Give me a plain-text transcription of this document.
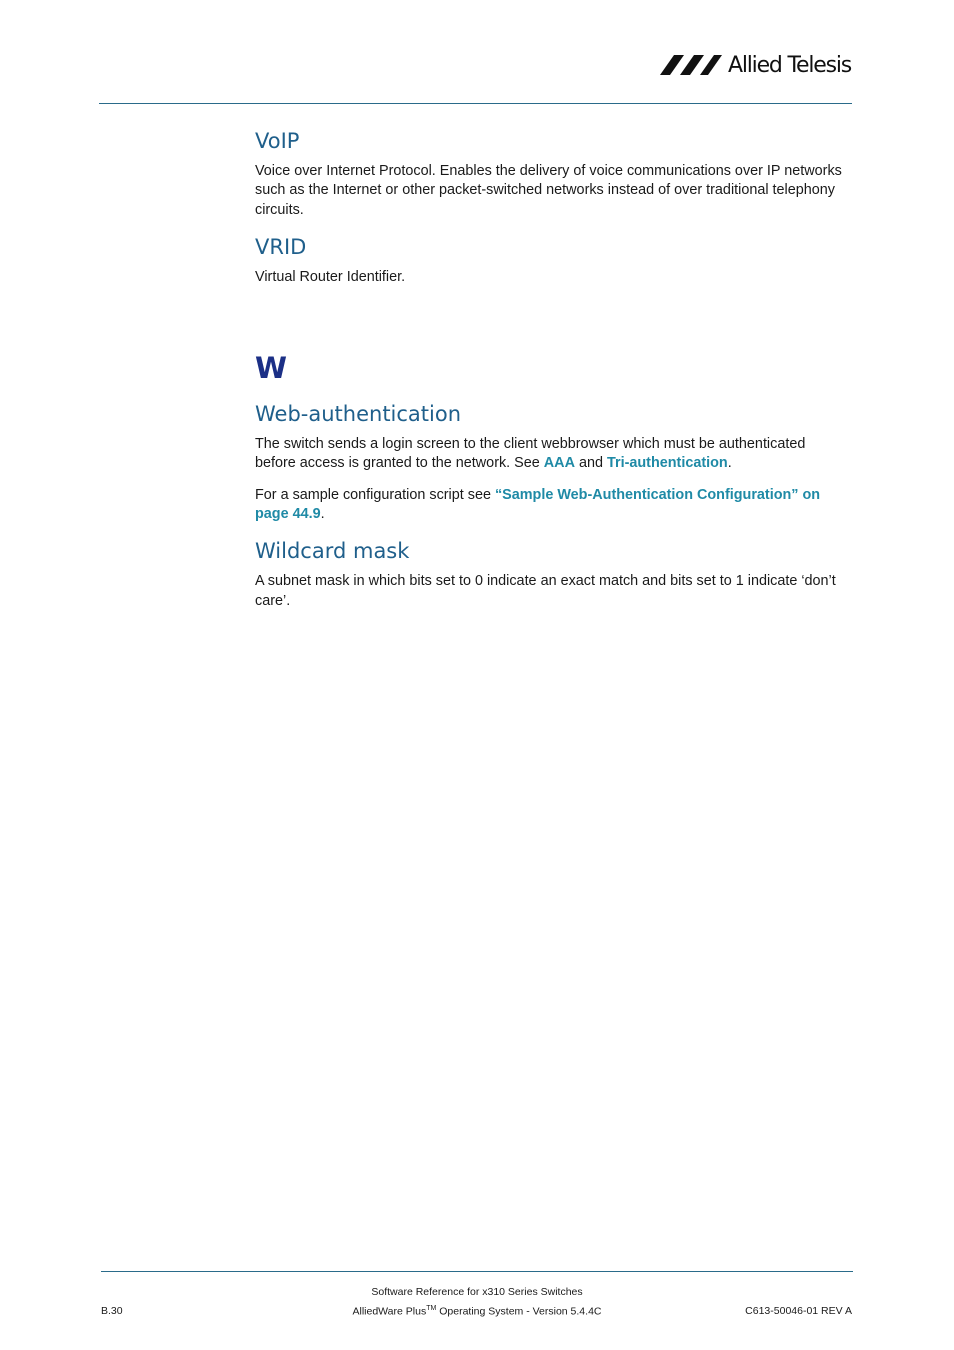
Allied Telesis
VoIP

Voice over Internet Protocol. Enables the delivery of voice communications over IP networks such as the Internet or other packet-switched networks instead of over traditional telephony circuits.

VRID

Virtual Router Identifier.

W
Web-authentication

The switch sends a login screen to the client webbrowser which must be authenticated before access is granted to the network. See AAA and Tri-authentication.

For a sample configuration script see “Sample Web-Authentication Configuration” on page 44.9.

Wildcard mask

A subnet mask in which bits set to 0 indicate an exact match and bits set to 1 indicate ‘don’t care’.

Software Reference for x310 Series Switches
B.30	AlliedWare Plus™ Operating System - Version 5.4.4C	C613-50046-01 REV A
